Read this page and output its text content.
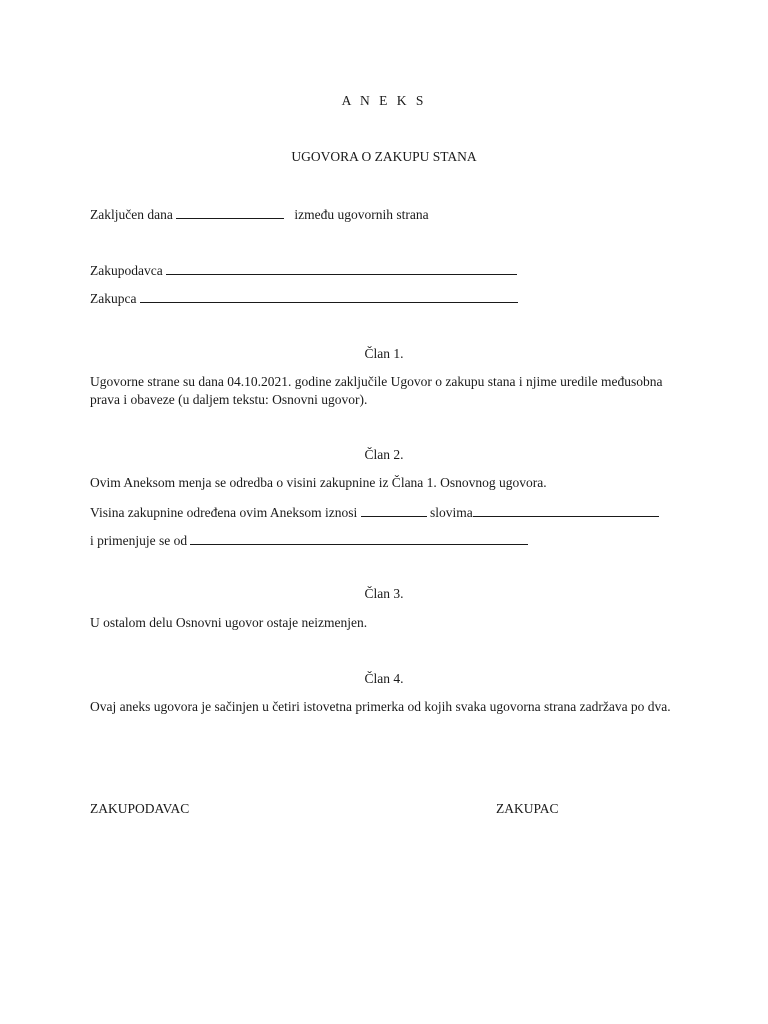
A N E K S
UGOVORA O ZAKUPU STANA
Zaključen dana	između ugovornih strana
Zakupodavca
Zakupca
Član 1.
Ugovorne strane su dana 04.10.2021. godine zaključile Ugovor o zakupu stana i njime uredile međusobna prava i obaveze (u daljem tekstu: Osnovni ugovor).
Član 2.
Ovim Aneksom menja se odredba o visini zakupnine iz Člana 1. Osnovnog ugovora.
Visina zakupnine određena ovim Aneksom iznosi	slovima
i primenjuje se od
Član 3.
U ostalom delu Osnovni ugovor ostaje neizmenjen.
Član 4.
Ovaj aneks ugovora je sačinjen u četiri istovetna primerka od kojih svaka ugovorna strana zadržava po dva.
ZAKUPODAVAC	ZAKUPAC
